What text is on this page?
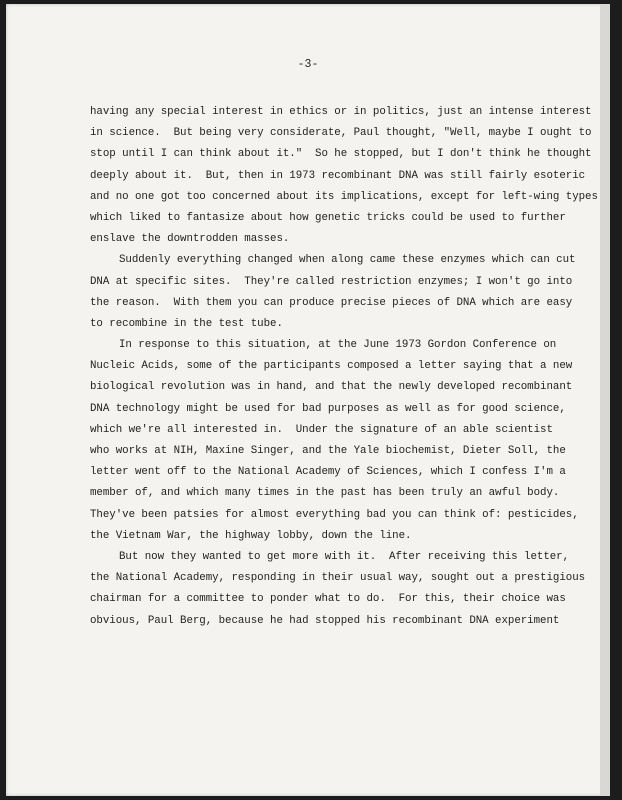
-3-
having any special interest in ethics or in politics, just an intense interest
in science.  But being very considerate, Paul thought, "Well, maybe I ought to
stop until I can think about it."  So he stopped, but I don't think he thought
deeply about it.  But, then in 1973 recombinant DNA was still fairly esoteric
and no one got too concerned about its implications, except for left-wing types
which liked to fantasize about how genetic tricks could be used to further
enslave the downtrodden masses.
Suddenly everything changed when along came these enzymes which can cut
DNA at specific sites.  They're called restriction enzymes; I won't go into
the reason.  With them you can produce precise pieces of DNA which are easy
to recombine in the test tube.
In response to this situation, at the June 1973 Gordon Conference on
Nucleic Acids, some of the participants composed a letter saying that a new
biological revolution was in hand, and that the newly developed recombinant
DNA technology might be used for bad purposes as well as for good science,
which we're all interested in.  Under the signature of an able scientist
who works at NIH, Maxine Singer, and the Yale biochemist, Dieter Soll, the
letter went off to the National Academy of Sciences, which I confess I'm a
member of, and which many times in the past has been truly an awful body.
They've been patsies for almost everything bad you can think of: pesticides,
the Vietnam War, the highway lobby, down the line.
But now they wanted to get more with it.  After receiving this letter,
the National Academy, responding in their usual way, sought out a prestigious
chairman for a committee to ponder what to do.  For this, their choice was
obvious, Paul Berg, because he had stopped his recombinant DNA experiment
